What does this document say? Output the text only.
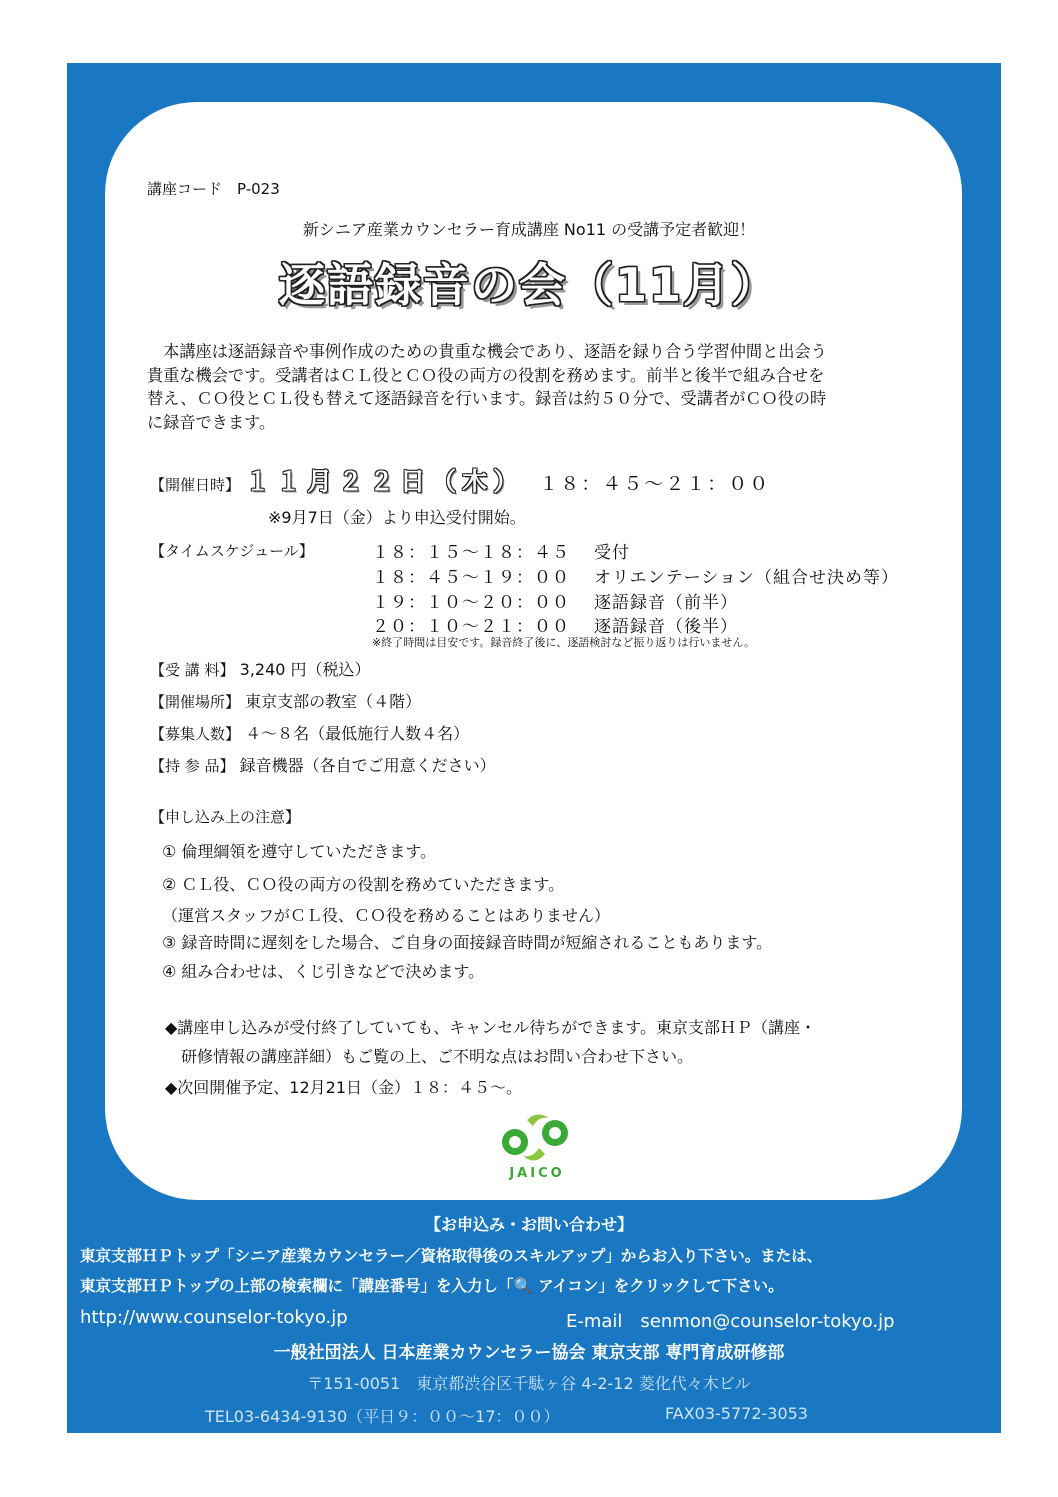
講座コード　P-023
新シニア産業カウンセラー育成講座 No11 の受講予定者歓迎！
逐語録音の会（11月）

　本講座は逐語録音や事例作成のための貴重な機会であり、逐語を録り合う学習仲間と出会う

貴重な機会です。受講者はＣＬ役とＣＯ役の両方の役割を務めます。前半と後半で組み合せを

替え、ＣＯ役とＣＬ役も替えて逐語録音を行います。録音は約５０分で、受講者がＣＯ役の時

に録音できます。

【開催日時】 １１月２２日（木） １８：４５～２１：００
※9月7日（金）より申込受付開始。
【タイムスケジュール】	１８：１５～１８：４５ 受付
１８：４５～１９：００ オリエンテーション（組合せ決め等）
１９：１０～２０：００ 逐語録音（前半）
２０：１０～２１：００ 逐語録音（後半）
※終了時間は目安です。録音終了後に、逐語検討など振り返りは行いません。
【受 講 料】 3,240 円（税込）
【開催場所】 東京支部の教室（４階）
【募集人数】 ４～８名（最低施行人数４名）
【持 参 品】 録音機器（各自でご用意ください）
【申し込み上の注意】
① 倫理綱領を遵守していただきます。
② ＣＬ役、ＣＯ役の両方の役割を務めていただきます。
（運営スタッフがＣＬ役、ＣＯ役を務めることはありません）
③ 録音時間に遅刻をした場合、ご自身の面接録音時間が短縮されることもあります。
④ 組み合わせは、くじ引きなどで決めます。
◆講座申し込みが受付終了していても、キャンセル待ちができます。東京支部ＨＰ（講座・
　研修情報の講座詳細）もご覧の上、ご不明な点はお問い合わせ下さい。
◆次回開催予定、12月21日（金）１８：４５～。
JAICO
【お申込み・お問い合わせ】
東京支部ＨＰトップ「シニア産業カウンセラー／資格取得後のスキルアップ」からお入り下さい。または、
東京支部ＨＰトップの上部の検索欄に「講座番号」を入力し「🔍 アイコン」をクリックして下さい。
http://www.counselor-tokyo.jp	E-mail　senmon@counselor-tokyo.jp
一般社団法人 日本産業カウンセラー協会 東京支部 専門育成研修部
〒151-0051　東京都渋谷区千駄ヶ谷 4-2-12 菱化代々木ビル
TEL03-6434-9130（平日９：００～17：００）	FAX03-5772-3053
